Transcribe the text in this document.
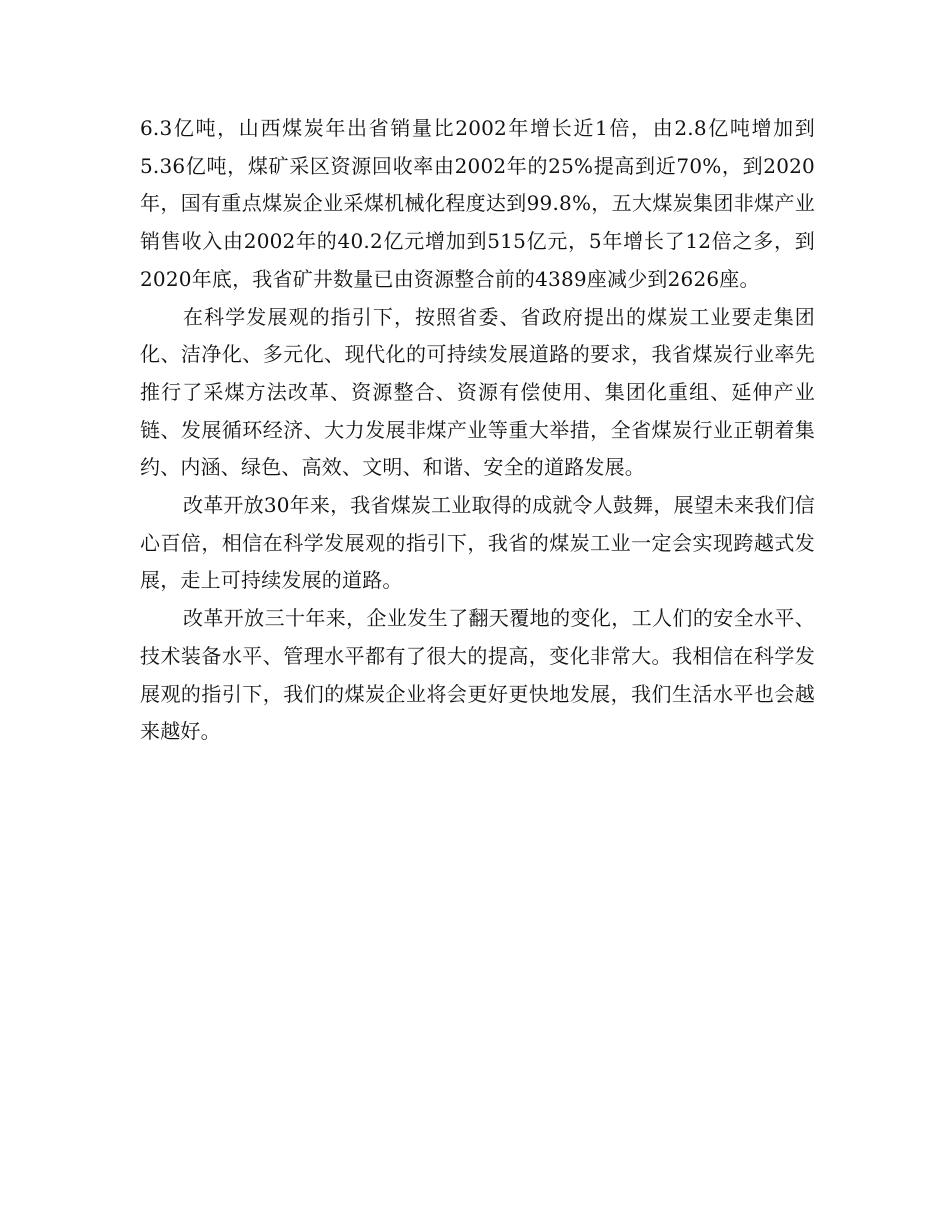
6.3亿吨，山西煤炭年出省销量比2002年增长近1倍，由2.8亿吨增加到5.36亿吨，煤矿采区资源回收率由2002年的25%提高到近70%，到2020年，国有重点煤炭企业采煤机械化程度达到99.8%，五大煤炭集团非煤产业销售收入由2002年的40.2亿元增加到515亿元，5年增长了12倍之多，到2020年底，我省矿井数量已由资源整合前的4389座减少到2626座。

在科学发展观的指引下，按照省委、省政府提出的煤炭工业要走集团化、洁净化、多元化、现代化的可持续发展道路的要求，我省煤炭行业率先推行了采煤方法改革、资源整合、资源有偿使用、集团化重组、延伸产业链、发展循环经济、大力发展非煤产业等重大举措，全省煤炭行业正朝着集约、内涵、绿色、高效、文明、和谐、安全的道路发展。

改革开放30年来，我省煤炭工业取得的成就令人鼓舞，展望未来我们信心百倍，相信在科学发展观的指引下，我省的煤炭工业一定会实现跨越式发展，走上可持续发展的道路。

改革开放三十年来，企业发生了翻天覆地的变化，工人们的安全水平、技术装备水平、管理水平都有了很大的提高，变化非常大。我相信在科学发展观的指引下，我们的煤炭企业将会更好更快地发展，我们生活水平也会越来越好。
